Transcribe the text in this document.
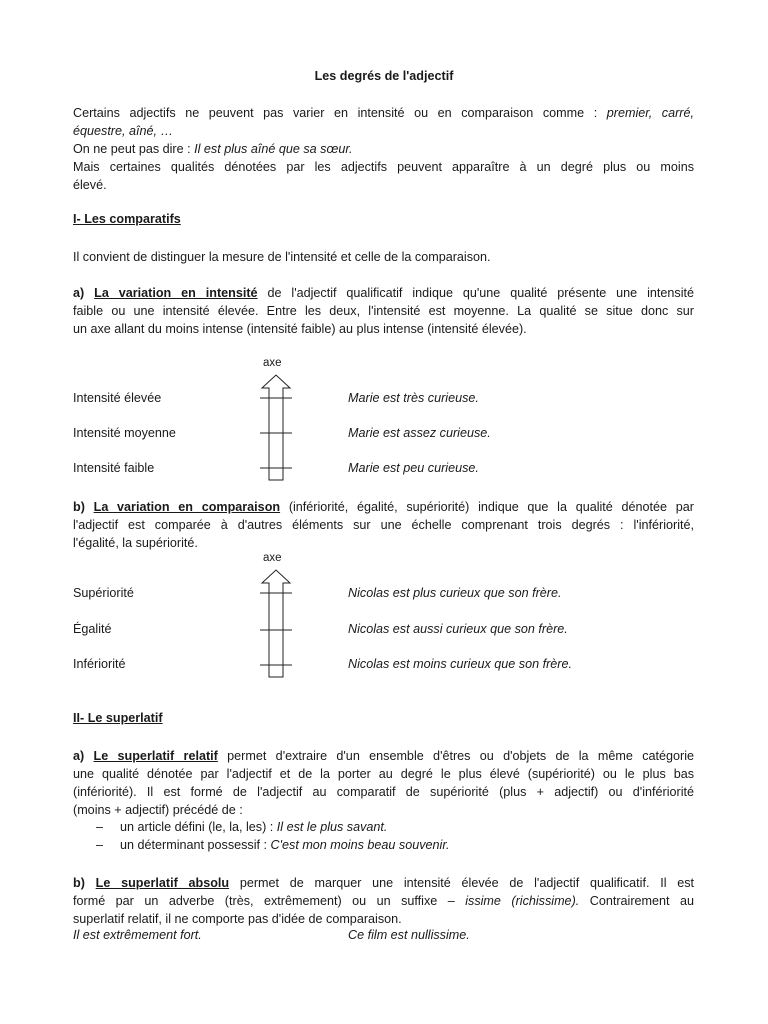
Les degrés de l'adjectif
Certains adjectifs ne peuvent pas varier en intensité ou en comparaison comme : premier, carré,
équestre, aîné, …
On ne peut pas dire : Il est plus aîné que sa sœur.
Mais certaines qualités dénotées par les adjectifs peuvent apparaître à un degré plus ou moins
élevé.
I- Les comparatifs
Il convient de distinguer la mesure de l'intensité et celle de la comparaison.
a) La variation en intensité de l'adjectif qualificatif indique qu'une qualité présente une intensité
faible ou une intensité élevée. Entre les deux, l'intensité est moyenne. La qualité se situe donc sur
un axe allant du moins intense (intensité faible) au plus intense (intensité élevée).
axe
Intensité élevée	Marie est très curieuse.
Intensité moyenne	Marie est assez curieuse.
Intensité faible	Marie est peu curieuse.
b) La variation en comparaison (infériorité, égalité, supériorité) indique que la qualité dénotée par
l'adjectif est comparée à d'autres éléments sur une échelle comprenant trois degrés : l'infériorité,
l'égalité, la supériorité.
axe
Supériorité	Nicolas est plus curieux que son frère.
Égalité	Nicolas est aussi curieux que son frère.
Infériorité	Nicolas est moins curieux que son frère.
II- Le superlatif
a) Le superlatif relatif permet d'extraire d'un ensemble d'êtres ou d'objets de la même catégorie
une qualité dénotée par l'adjectif et de la porter au degré le plus élevé (supériorité) ou le plus bas
(infériorité). Il est formé de l'adjectif au comparatif de supériorité (plus + adjectif) ou d'infériorité
(moins + adjectif) précédé de :
– un article défini (le, la, les) : Il est le plus savant.
– un déterminant possessif : C'est mon moins beau souvenir.
b) Le superlatif absolu permet de marquer une intensité élevée de l'adjectif qualificatif. Il est
formé par un adverbe (très, extrêmement) ou un suffixe – issime (richissime). Contrairement au
superlatif relatif, il ne comporte pas d'idée de comparaison.
Il est extrêmement fort.	Ce film est nullissime.
